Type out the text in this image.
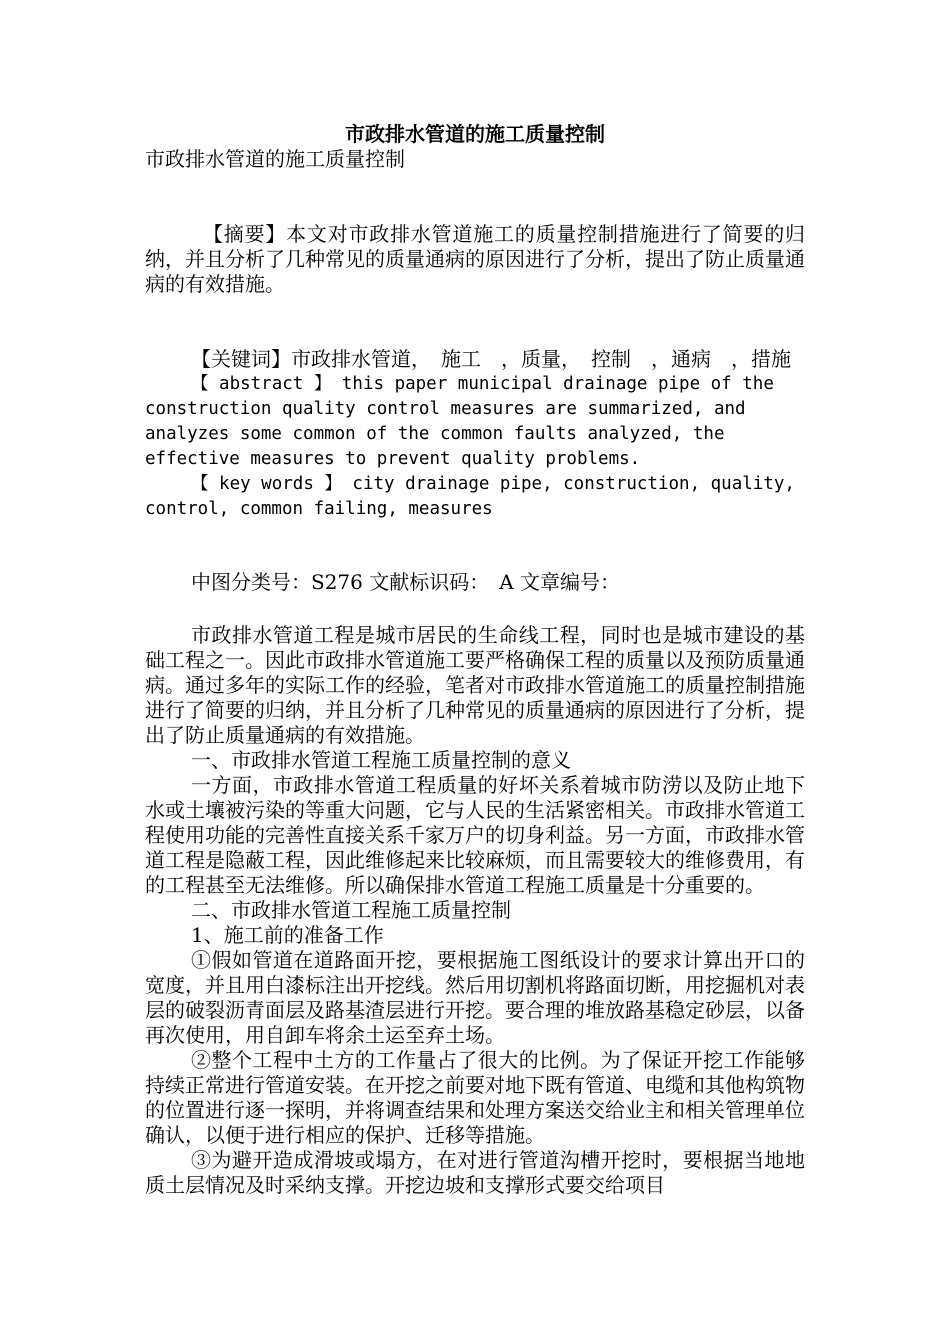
市政排水管道的施工质量控制

市政排水管道的施工质量控制

【摘要】本文对市政排水管道施工的质量控制措施进行了简要的归纳，并且分析了几种常见的质量通病的原因进行了分析，提出了防止质量通病的有效措施。

【关键词】市政排水管道，　施工　，质量，　控制　，通病　，措施

【 abstract 】 this paper municipal drainage pipe of the construction quality control measures are summarized, and analyzes some common of the common faults analyzed, the effective measures to prevent quality problems.

【 key words 】 city drainage pipe, construction, quality, control, common failing, measures

中图分类号：S276 文献标识码：　A 文章编号：

市政排水管道工程是城市居民的生命线工程，同时也是城市建设的基础工程之一。因此市政排水管道施工要严格确保工程的质量以及预防质量通病。通过多年的实际工作的经验，笔者对市政排水管道施工的质量控制措施进行了简要的归纳，并且分析了几种常见的质量通病的原因进行了分析，提出了防止质量通病的有效措施。

一、市政排水管道工程施工质量控制的意义

一方面，市政排水管道工程质量的好坏关系着城市防涝以及防止地下水或土壤被污染的等重大问题，它与人民的生活紧密相关。市政排水管道工程使用功能的完善性直接关系千家万户的切身利益。另一方面，市政排水管道工程是隐蔽工程，因此维修起来比较麻烦，而且需要较大的维修费用，有的工程甚至无法维修。所以确保排水管道工程施工质量是十分重要的。

二、市政排水管道工程施工质量控制

1、施工前的准备工作

①假如管道在道路面开挖，要根据施工图纸设计的要求计算出开口的宽度，并且用白漆标注出开挖线。然后用切割机将路面切断，用挖掘机对表层的破裂沥青面层及路基渣层进行开挖。要合理的堆放路基稳定砂层，以备再次使用，用自卸车将余土运至弃土场。

②整个工程中土方的工作量占了很大的比例。为了保证开挖工作能够持续正常进行管道安装。在开挖之前要对地下既有管道、电缆和其他构筑物的位置进行逐一探明，并将调查结果和处理方案送交给业主和相关管理单位确认，以便于进行相应的保护、迁移等措施。

③为避开造成滑坡或塌方，在对进行管道沟槽开挖时，要根据当地地质土层情况及时采纳支撑。开挖边坡和支撑形式要交给项目
